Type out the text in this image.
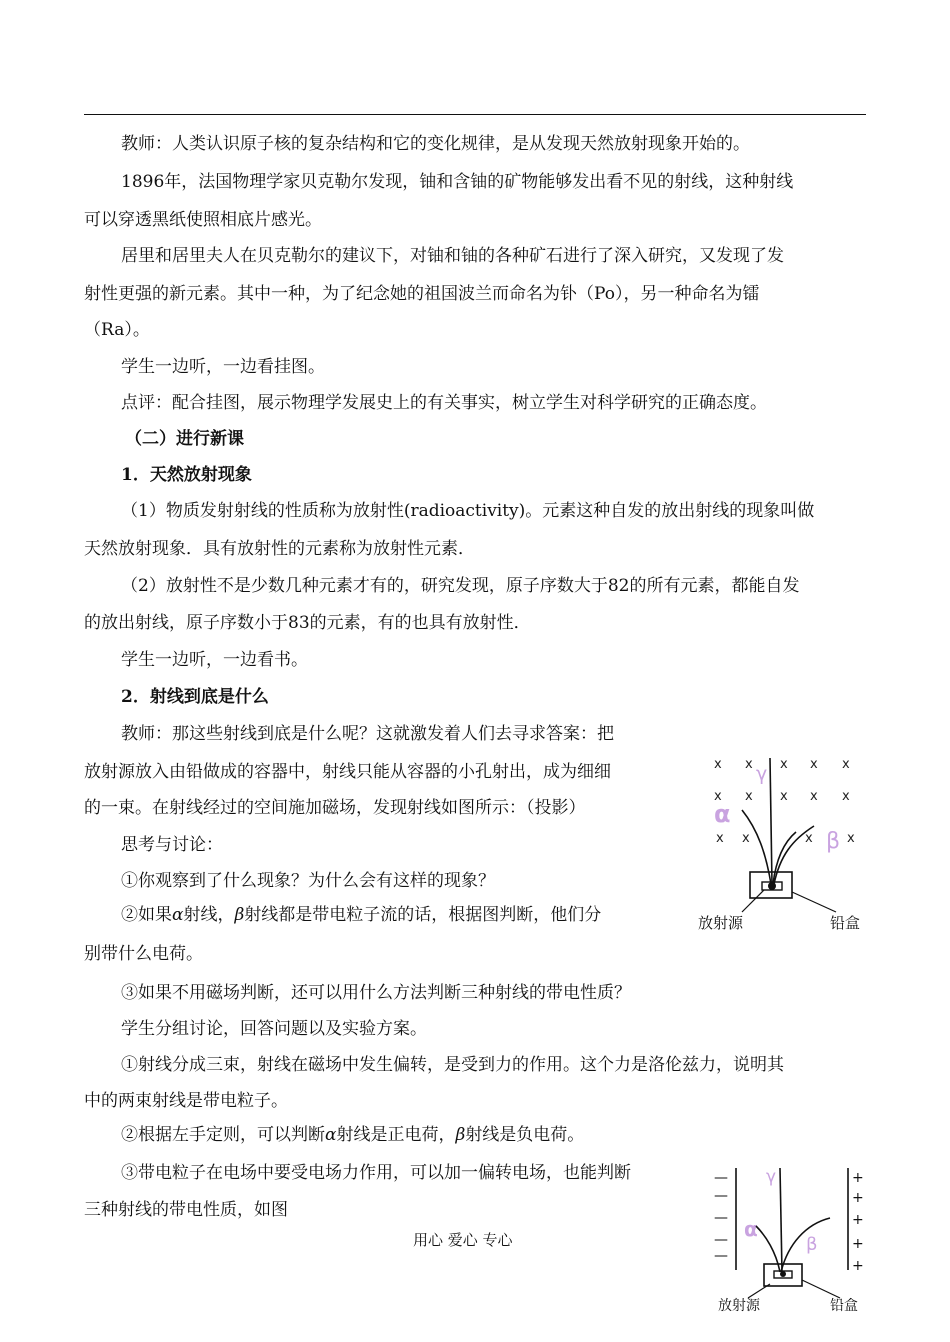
教师：人类认识原子核的复杂结构和它的变化规律，是从发现天然放射现象开始的。
1896年，法国物理学家贝克勒尔发现，铀和含铀的矿物能够发出看不见的射线，这种射线
可以穿透黑纸使照相底片感光。
居里和居里夫人在贝克勒尔的建议下，对铀和铀的各种矿石进行了深入研究，又发现了发
射性更强的新元素。其中一种，为了纪念她的祖国波兰而命名为钋（Po），另一种命名为镭
（Ra）。
学生一边听，一边看挂图。
点评：配合挂图，展示物理学发展史上的有关事实，树立学生对科学研究的正确态度。
（二）进行新课
1．天然放射现象
（1）物质发射射线的性质称为放射性(radioactivity)。元素这种自发的放出射线的现象叫做
天然放射现象．具有放射性的元素称为放射性元素．
（2）放射性不是少数几种元素才有的，研究发现，原子序数大于82的所有元素，都能自发
的放出射线，原子序数小于83的元素，有的也具有放射性．
学生一边听，一边看书。
2．射线到底是什么
教师：那这些射线到底是什么呢？这就激发着人们去寻求答案：把
放射源放入由铅做成的容器中，射线只能从容器的小孔射出，成为细细
的一束。在射线经过的空间施加磁场，发现射线如图所示：（投影）
思考与讨论：
①你观察到了什么现象？为什么会有这样的现象？
②如果α射线，β射线都是带电粒子流的话，根据图判断，他们分
别带什么电荷。
③如果不用磁场判断，还可以用什么方法判断三种射线的带电性质？
学生分组讨论，回答问题以及实验方案。
①射线分成三束，射线在磁场中发生偏转，是受到力的作用。这个力是洛伦兹力，说明其
中的两束射线是带电粒子。
②根据左手定则，可以判断α射线是正电荷，β射线是负电荷。
③带电粒子在电场中要受电场力作用，可以加一偏转电场，也能判断
三种射线的带电性质，如图
用心 爱心 专心
x x x x x
x x x x x
x x	x	x
γ
α
β
放射源	铅盒
—
—
—
—
—
+
+
+
+
+
γ
α
β
放射源	铅盒
